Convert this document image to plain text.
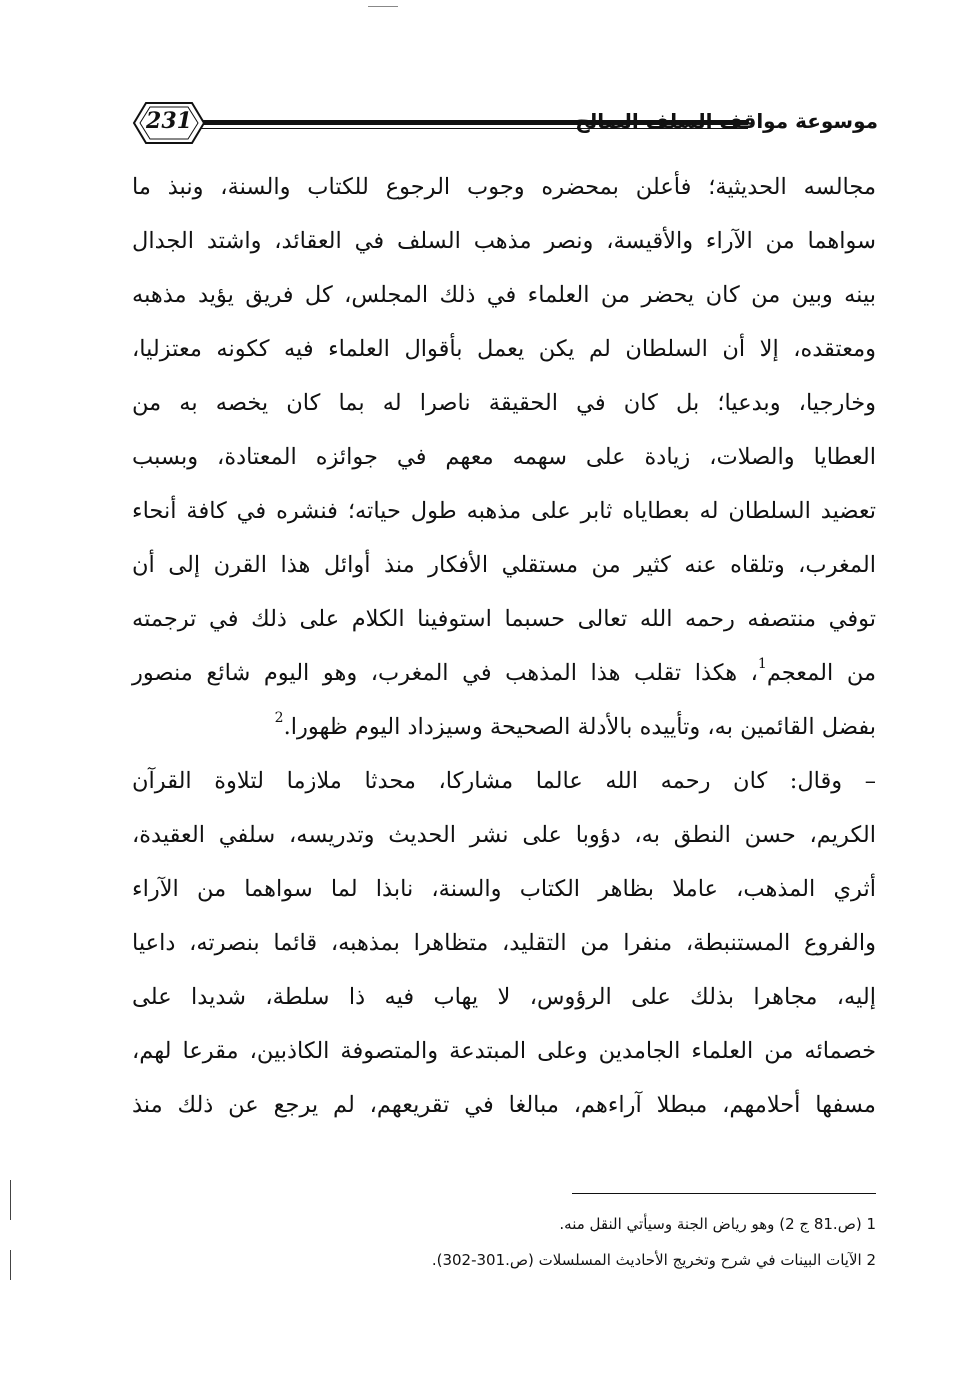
231	موسوعة مواقف السلف الصالح
مجالسه الحديثية؛ فأعلن بمحضره وجوب الرجوع للكتاب والسنة، ونبذ ما
سواهما من الآراء والأقيسة، ونصر مذهب السلف في العقائد، واشتد الجدال
بينه وبين من كان يحضر من العلماء في ذلك المجلس، كل فريق يؤيد مذهبه
ومعتقده، إلا أن السلطان لم يكن يعمل بأقوال العلماء فيه ككونه معتزليا،
وخارجيا، وبدعيا؛ بل كان في الحقيقة ناصرا له بما كان يخصه به من
العطايا والصلات، زيادة على سهمه معهم في جوائزه المعتادة، وبسبب
تعضيد السلطان له بعطاياه ثابر على مذهبه طول حياته؛ فنشره في كافة أنحاء
المغرب، وتلقاه عنه كثير من مستقلي الأفكار منذ أوائل هذا القرن إلى أن
توفي منتصفه رحمه الله تعالى حسبما استوفينا الكلام على ذلك في ترجمته
من المعجم$^1$، هكذا تقلب هذا المذهب في المغرب، وهو اليوم شائع منصور
بفضل القائمين به، وتأييده بالأدلة الصحيحة وسيزداد اليوم ظهورا.$^2$
– وقال: كان رحمه الله عالما مشاركا، محدثا ملازما لتلاوة القرآن
الكريم، حسن النطق به، دؤوبا على نشر الحديث وتدريسه، سلفي العقيدة،
أثري المذهب، عاملا بظاهر الكتاب والسنة، نابذا لما سواهما من الآراء
والفروع المستنبطة، منفرا من التقليد، متظاهرا بمذهبه، قائما بنصرته، داعيا
إليه، مجاهرا بذلك على الرؤوس، لا يهاب فيه ذا سلطة، شديدا على
خصمائه من العلماء الجامدين وعلى المبتدعة والمتصوفة الكاذبين، مقرعا لهم،
مسفها أحلامهم، مبطلا آراءهم، مبالغا في تقريعهم، لم يرجع عن ذلك منذ
1 (ص.81 ج 2) وهو رياض الجنة وسيأتي النقل منه.
2 الآيات البينات في شرح وتخريج الأحاديث المسلسلات (ص.301-302).
